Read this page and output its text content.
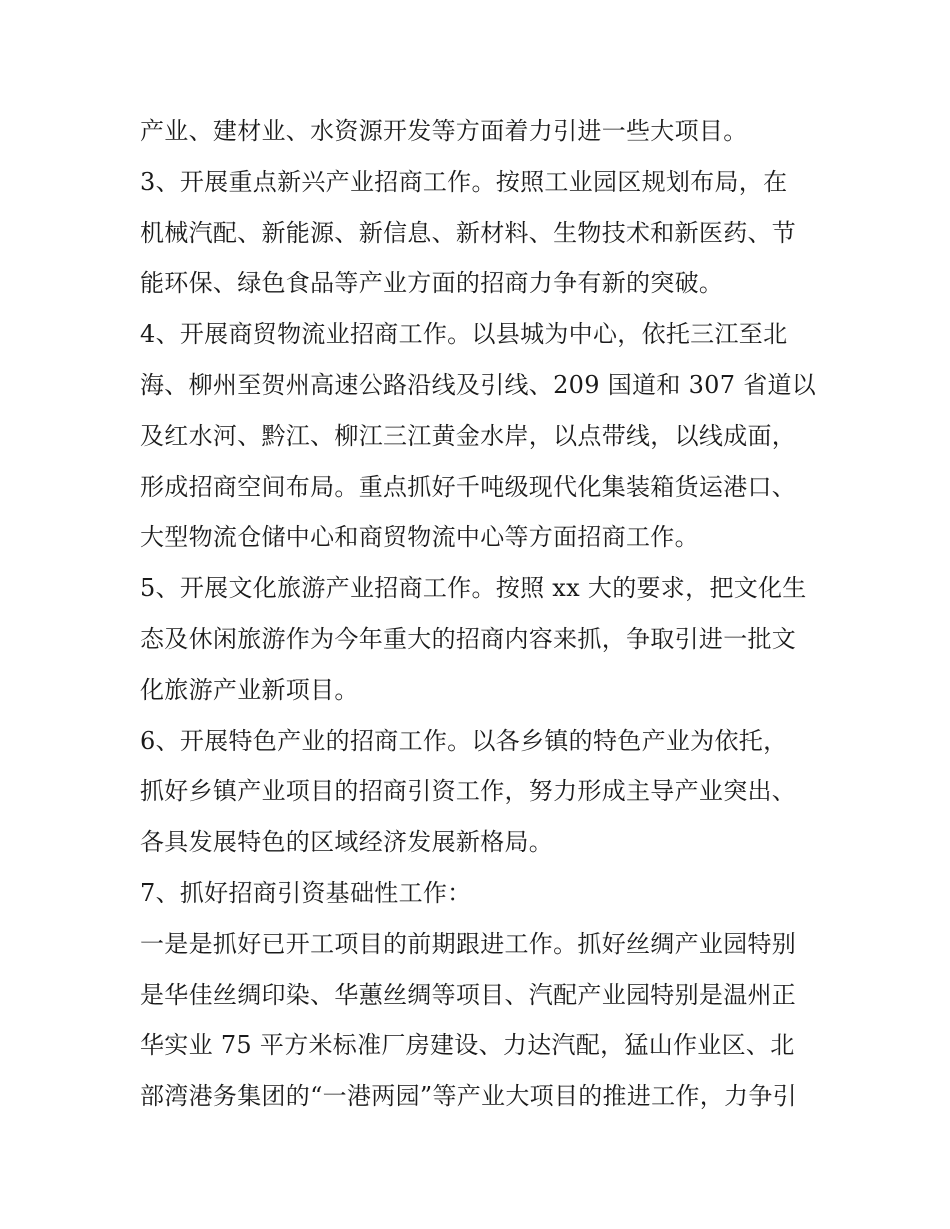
产业、建材业、水资源开发等方面着力引进一些大项目。
3、开展重点新兴产业招商工作。按照工业园区规划布局，在
机械汽配、新能源、新信息、新材料、生物技术和新医药、节
能环保、绿色食品等产业方面的招商力争有新的突破。
4、开展商贸物流业招商工作。以县城为中心，依托三江至北
海、柳州至贺州高速公路沿线及引线、209 国道和 307 省道以
及红水河、黔江、柳江三江黄金水岸，以点带线，以线成面，
形成招商空间布局。重点抓好千吨级现代化集装箱货运港口、
大型物流仓储中心和商贸物流中心等方面招商工作。
5、开展文化旅游产业招商工作。按照 xx 大的要求，把文化生
态及休闲旅游作为今年重大的招商内容来抓，争取引进一批文
化旅游产业新项目。
6、开展特色产业的招商工作。以各乡镇的特色产业为依托，
抓好乡镇产业项目的招商引资工作，努力形成主导产业突出、
各具发展特色的区域经济发展新格局。
7、抓好招商引资基础性工作：
一是是抓好已开工项目的前期跟进工作。抓好丝绸产业园特别
是华佳丝绸印染、华蕙丝绸等项目、汽配产业园特别是温州正
华实业 75 平方米标准厂房建设、力达汽配，猛山作业区、北
部湾港务集团的“一港两园”等产业大项目的推进工作，力争引
